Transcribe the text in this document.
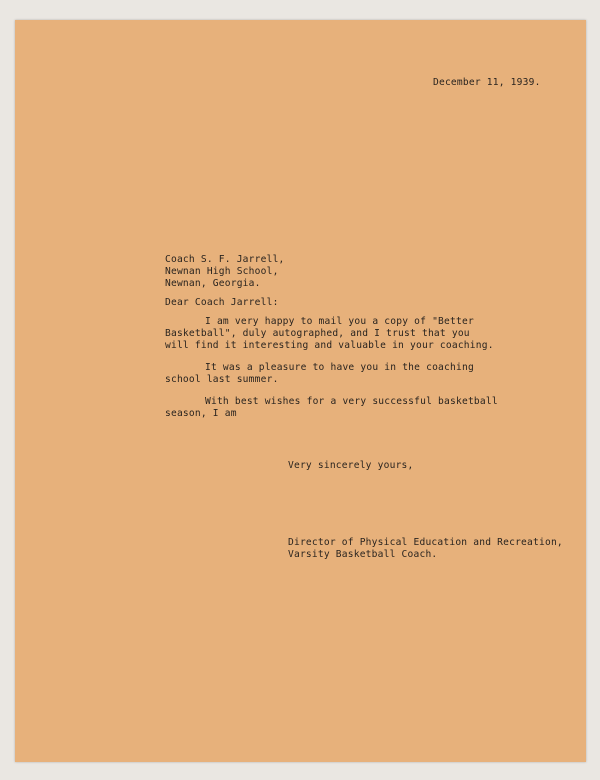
December 11, 1939.

Coach S. F. Jarrell,

Newnan High School,

Newnan, Georgia.

Dear Coach Jarrell:

I am very happy to mail you a copy of "Better

Basketball", duly autographed, and I trust that you

will find it interesting and valuable in your coaching.

It was a pleasure to have you in the coaching

school last summer.

With best wishes for a very successful basketball

season, I am

Very sincerely yours,

Director of Physical Education and Recreation,

Varsity Basketball Coach.
